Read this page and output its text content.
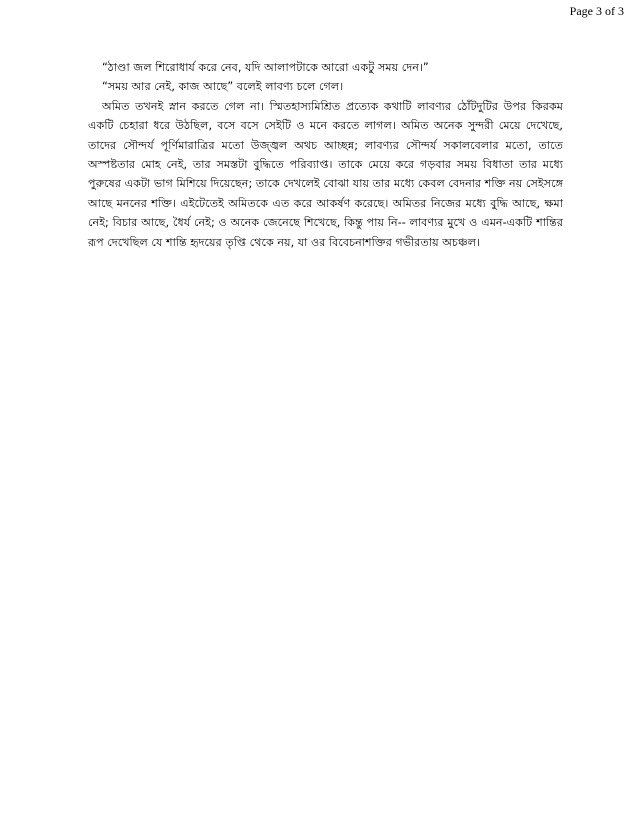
Page 3 of 3

“ঠাণ্ডা জল শিরোধার্য করে নেব, যদি আলাপটাকে আরো একটু সময় দেন।”

“সময় আর নেই, কাজ আছে” বলেই লাবণ্য চলে গেল।

অমিত তখনই স্নান করতে গেল না। স্মিতহাস্যমিশ্রিত প্রত্যেক কথাটি লাবণ্যর ঠোঁটদুটির উপর কিরকম একটি চেহারা ধরে উঠছিল, বসে বসে সেইটি ও মনে করতে লাগল। অমিত অনেক সুন্দরী মেয়ে দেখেছে, তাদের সৌন্দর্য পূর্ণিমারাত্রির মতো উজ্জ্বল অথচ আচ্ছন্ন; লাবণ্যর সৌন্দর্য সকালবেলার মতো, তাতে অস্পষ্টতার মোহ নেই, তার সমস্তটা বুদ্ধিতে পরিব্যাপ্ত। তাকে মেয়ে করে গড়বার সময় বিধাতা তার মধ্যে পুরুষের একটা ভাগ মিশিয়ে দিয়েছেন; তাকে দেখলেই বোঝা যায় তার মধ্যে কেবল বেদনার শক্তি নয় সেইসঙ্গে আছে মননের শক্তি। এইটেতেই অমিতকে এত করে আকর্ষণ করেছে। অমিতর নিজের মধ্যে বুদ্ধি আছে, ক্ষমা নেই; বিচার আছে, ধৈর্য নেই; ও অনেক জেনেছে শিখেছে, কিন্তু পায় নি-- লাবণ্যর মুখে ও এমন-একটি শান্তির রূপ দেখেছিল যে শান্তি হৃদয়ের তৃপ্তি থেকে নয়, যা ওর বিবেচনাশক্তির গভীরতায় অচঞ্চল।
